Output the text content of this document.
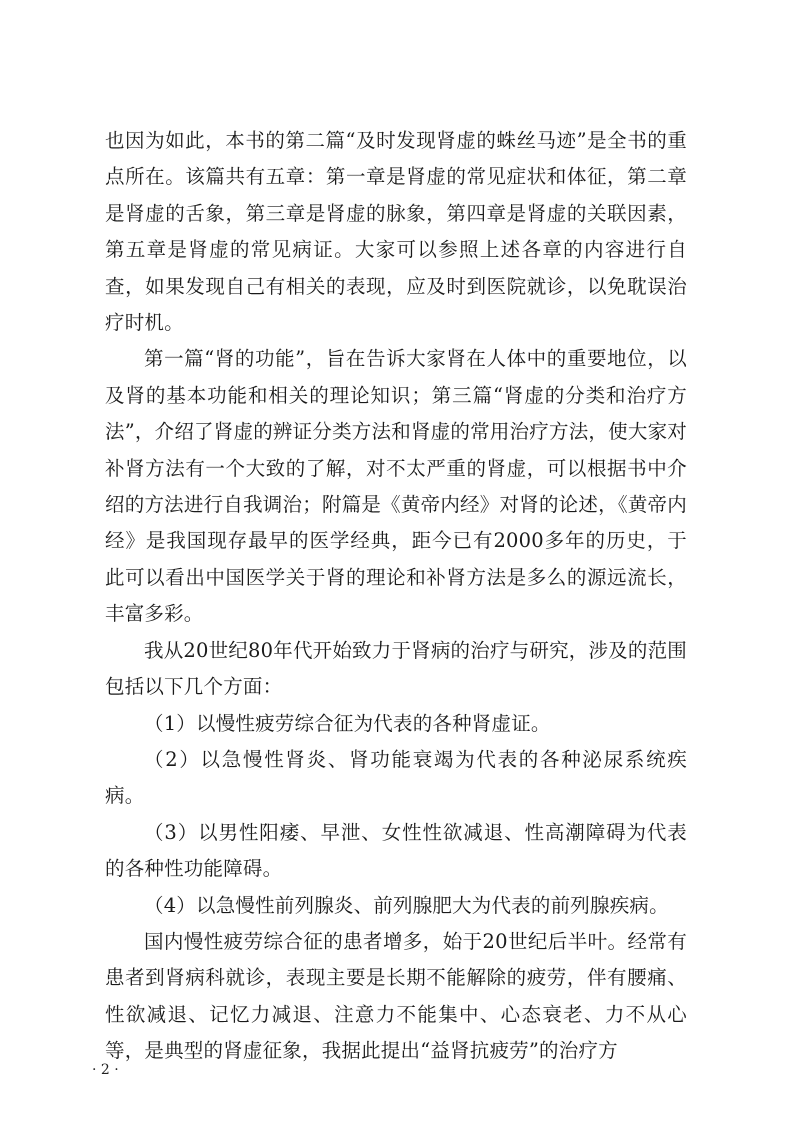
也因为如此，本书的第二篇“及时发现肾虚的蛛丝马迹”是全书的重点所在。该篇共有五章：第一章是肾虚的常见症状和体征，第二章是肾虚的舌象，第三章是肾虚的脉象，第四章是肾虚的关联因素，第五章是肾虚的常见病证。大家可以参照上述各章的内容进行自查，如果发现自己有相关的表现，应及时到医院就诊，以免耽误治疗时机。

第一篇“肾的功能”，旨在告诉大家肾在人体中的重要地位，以及肾的基本功能和相关的理论知识；第三篇“肾虚的分类和治疗方法”，介绍了肾虚的辨证分类方法和肾虚的常用治疗方法，使大家对补肾方法有一个大致的了解，对不太严重的肾虚，可以根据书中介绍的方法进行自我调治；附篇是《黄帝内经》对肾的论述，《黄帝内经》是我国现存最早的医学经典，距今已有2000多年的历史，于此可以看出中国医学关于肾的理论和补肾方法是多么的源远流长，丰富多彩。

我从20世纪80年代开始致力于肾病的治疗与研究，涉及的范围包括以下几个方面：

（1）以慢性疲劳综合征为代表的各种肾虚证。

（2）以急慢性肾炎、肾功能衰竭为代表的各种泌尿系统疾病。

（3）以男性阳痿、早泄、女性性欲减退、性高潮障碍为代表的各种性功能障碍。

（4）以急慢性前列腺炎、前列腺肥大为代表的前列腺疾病。

国内慢性疲劳综合征的患者增多，始于20世纪后半叶。经常有患者到肾病科就诊，表现主要是长期不能解除的疲劳，伴有腰痛、性欲减退、记忆力减退、注意力不能集中、心态衰老、力不从心等，是典型的肾虚征象，我据此提出“益肾抗疲劳”的治疗方

· 2 ·
